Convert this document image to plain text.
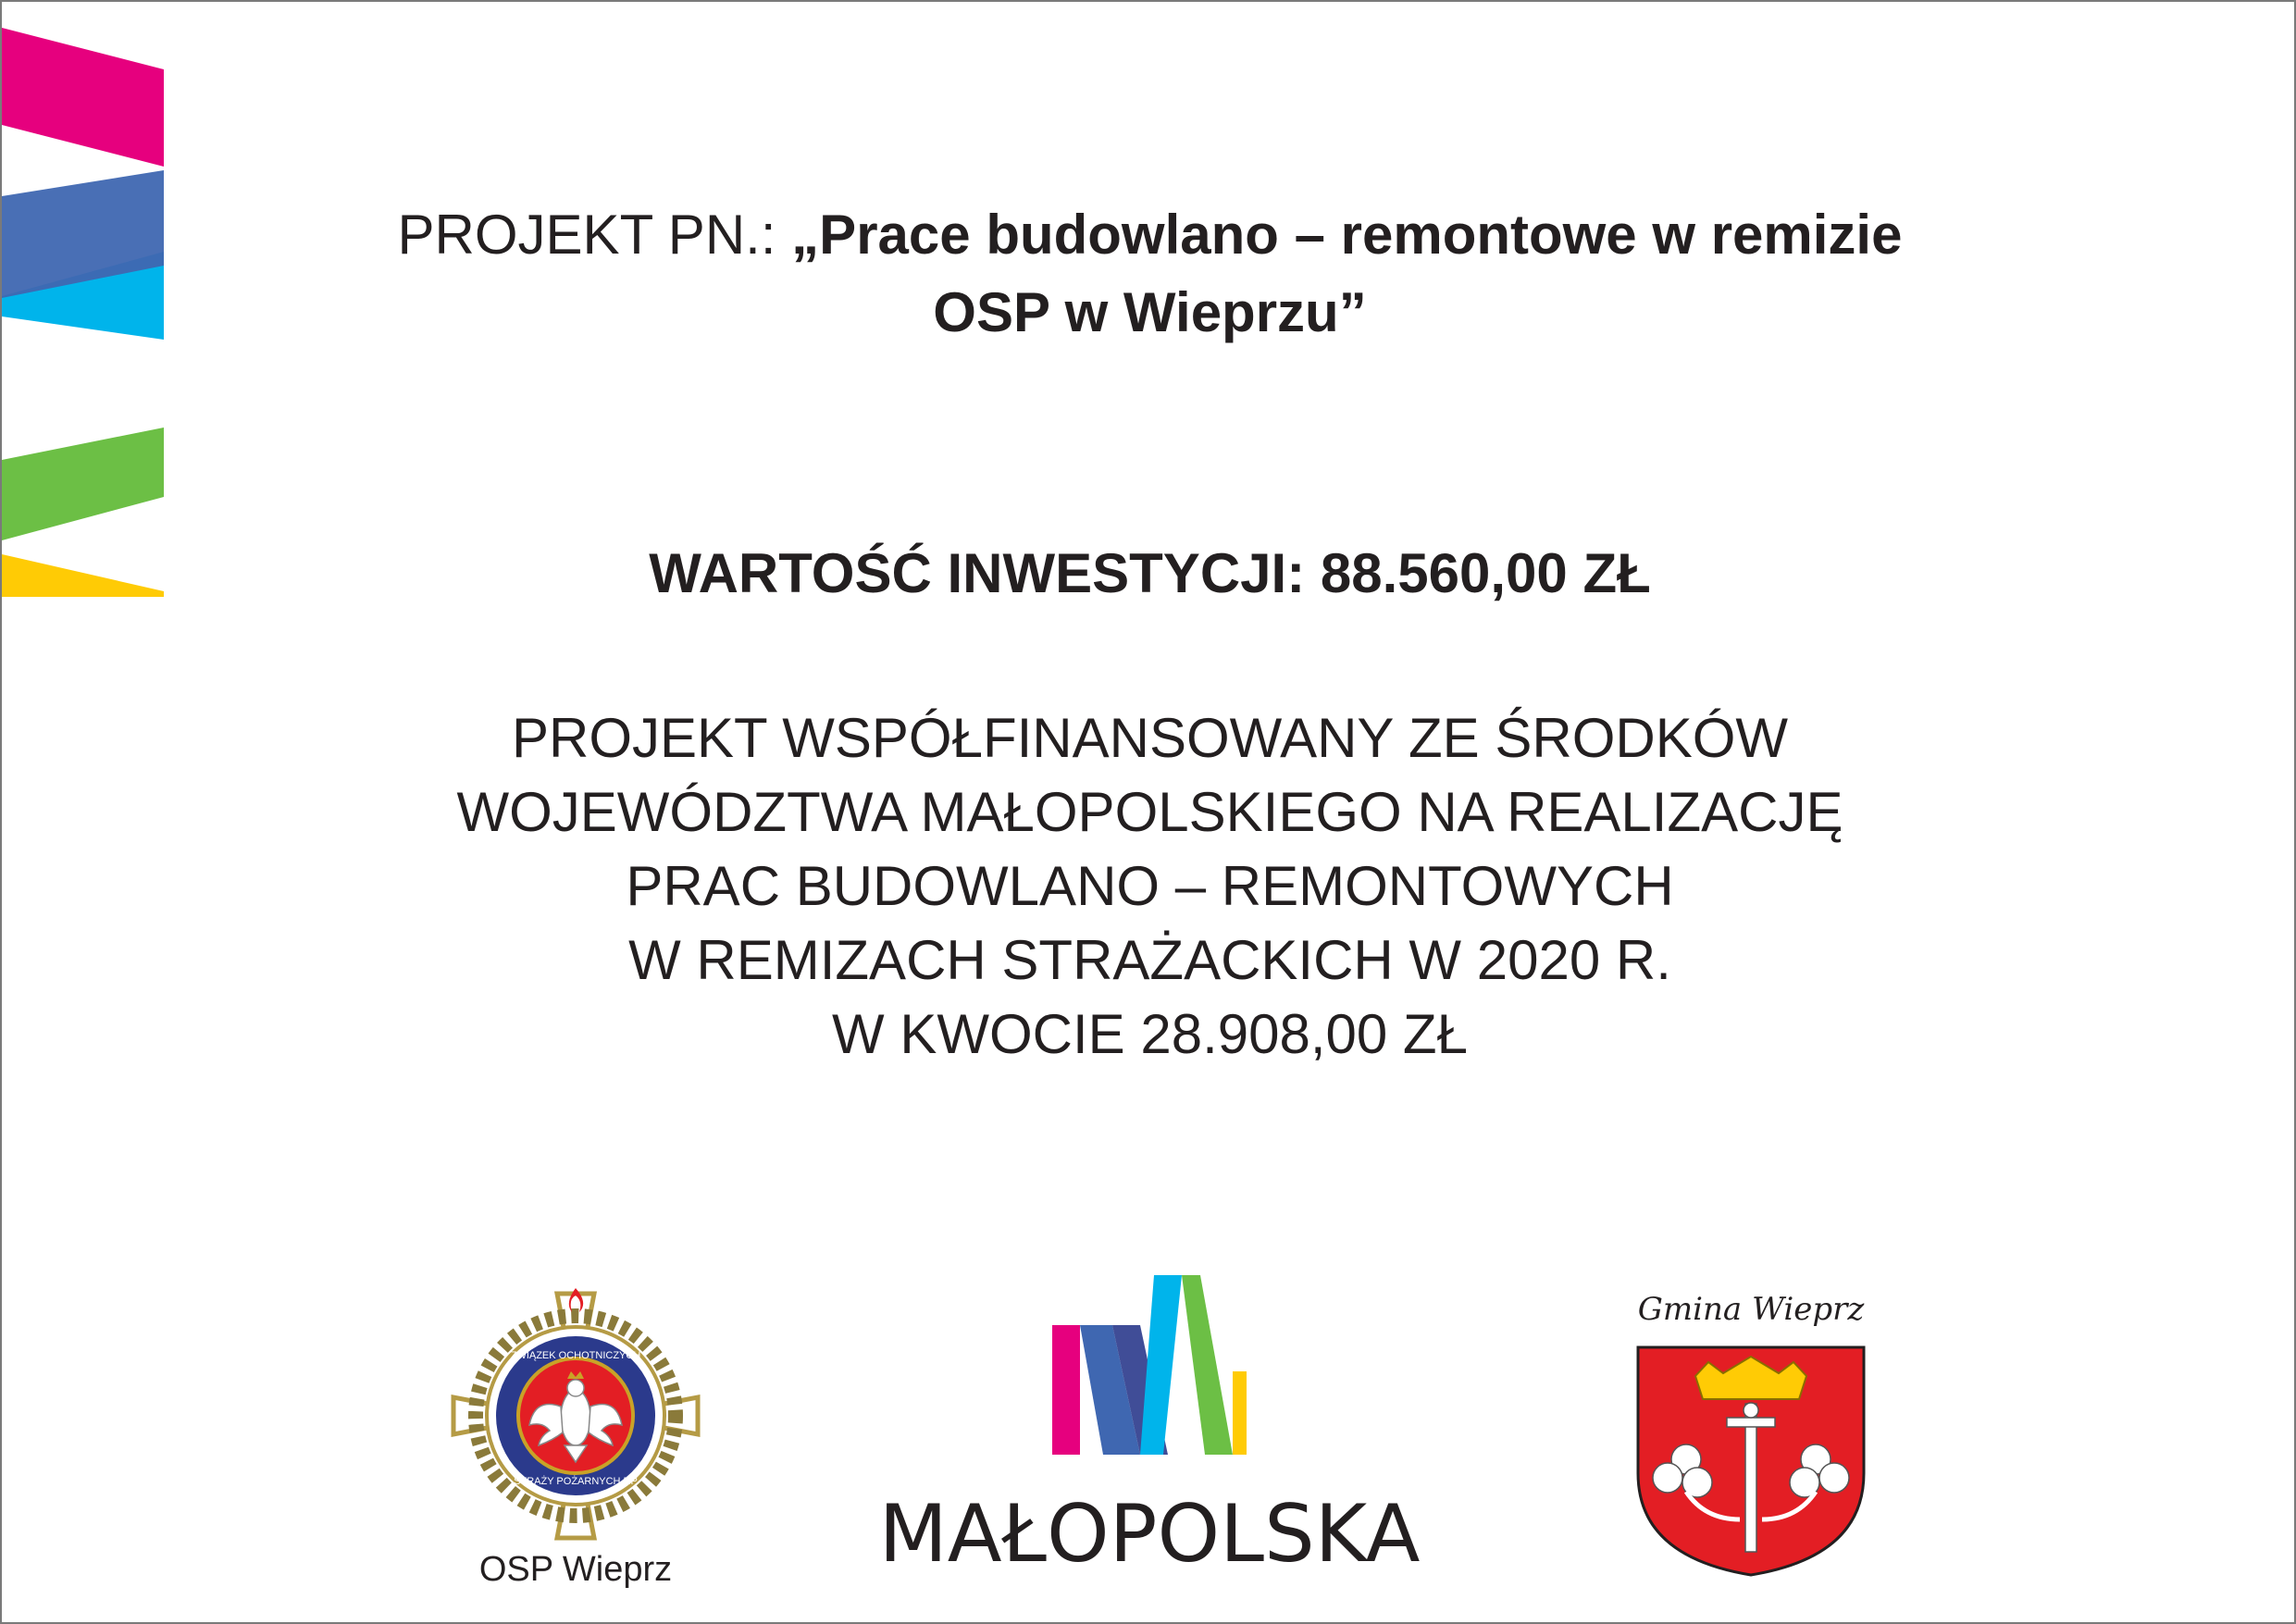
PROJEKT PN.: „Prace budowlano – remontowe w remizie
OSP w Wieprzu”
WARTOŚĆ INWESTYCJI: 88.560,00 ZŁ
PROJEKT WSPÓŁFINANSOWANY ZE ŚRODKÓW
WOJEWÓDZTWA MAŁOPOLSKIEGO NA REALIZACJĘ
PRAC BUDOWLANO – REMONTOWYCH
W REMIZACH STRAŻACKICH W 2020 R.
W KWOCIE 28.908,00 ZŁ
ZWIĄZEK OCHOTNICZYCH
STRAŻY POŻARNYCH RP
OSP Wieprz	MAŁOPOLSKA
Gmina Wieprz
